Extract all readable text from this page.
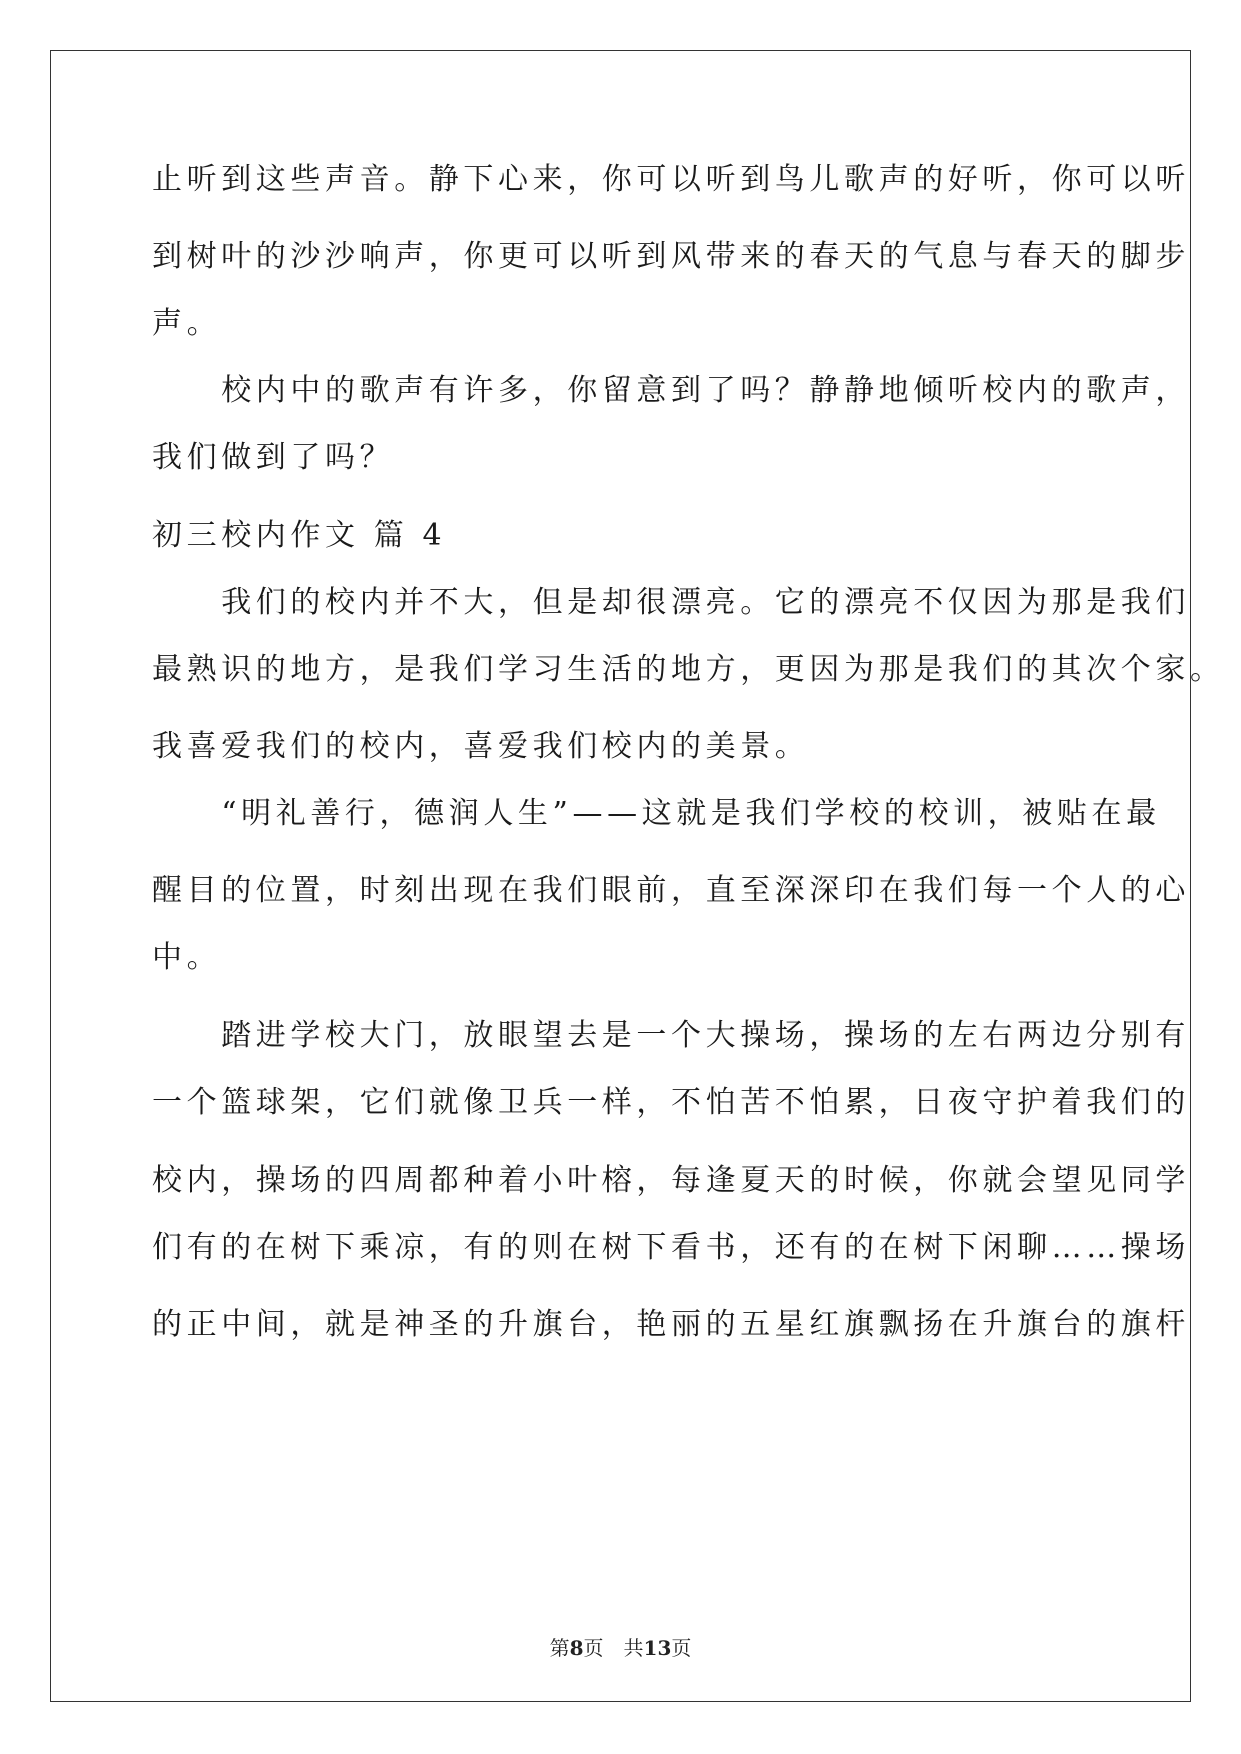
止听到这些声音。静下心来，你可以听到鸟儿歌声的好听，你可以听
到树叶的沙沙响声，你更可以听到风带来的春天的气息与春天的脚步
声。
　　校内中的歌声有许多，你留意到了吗？静静地倾听校内的歌声，
我们做到了吗？
初三校内作文 篇 4
　　我们的校内并不大，但是却很漂亮。它的漂亮不仅因为那是我们
最熟识的地方，是我们学习生活的地方，更因为那是我们的其次个家。
我喜爱我们的校内，喜爱我们校内的美景。
　　“明礼善行，德润人生”——这就是我们学校的校训，被贴在最
醒目的位置，时刻出现在我们眼前，直至深深印在我们每一个人的心
中。
　　踏进学校大门，放眼望去是一个大操场，操场的左右两边分别有
一个篮球架，它们就像卫兵一样，不怕苦不怕累，日夜守护着我们的
校内，操场的四周都种着小叶榕，每逢夏天的时候，你就会望见同学
们有的在树下乘凉，有的则在树下看书，还有的在树下闲聊……操场
的正中间，就是神圣的升旗台，艳丽的五星红旗飘扬在升旗台的旗杆
第8页　共13页
